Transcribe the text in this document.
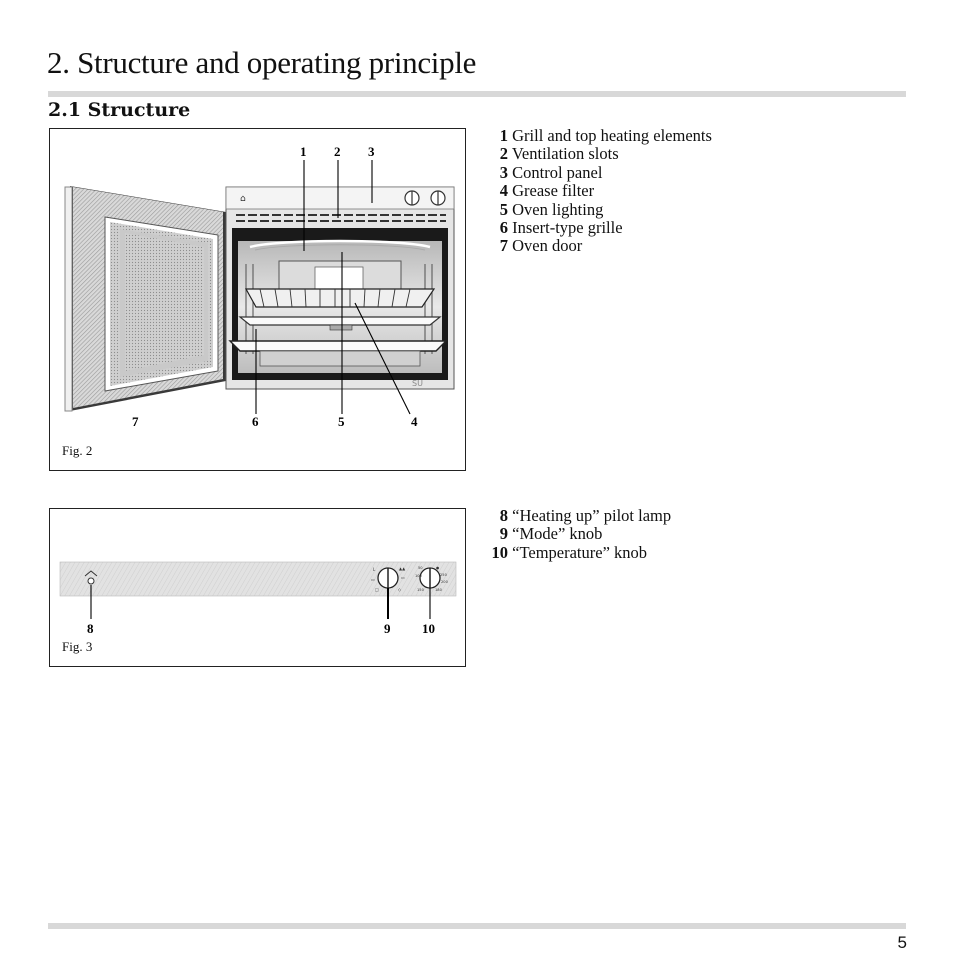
2. Structure and operating principle
2.1 Structure
⌂
SU
1 2 3
4
5
6
7
Fig. 2
1 Grill and top heating elements
2 Ventilation slots
3 Control panel
4 Grease filter
5 Oven lighting
6 Insert-type grille
7 Oven door
L
▭
□
▲▲
▭
◇
50
100
150
●
250
200
180
8	9 10
Fig. 3
8 “Heating up” pilot lamp
9 “Mode” knob
10 “Temperature” knob
5
